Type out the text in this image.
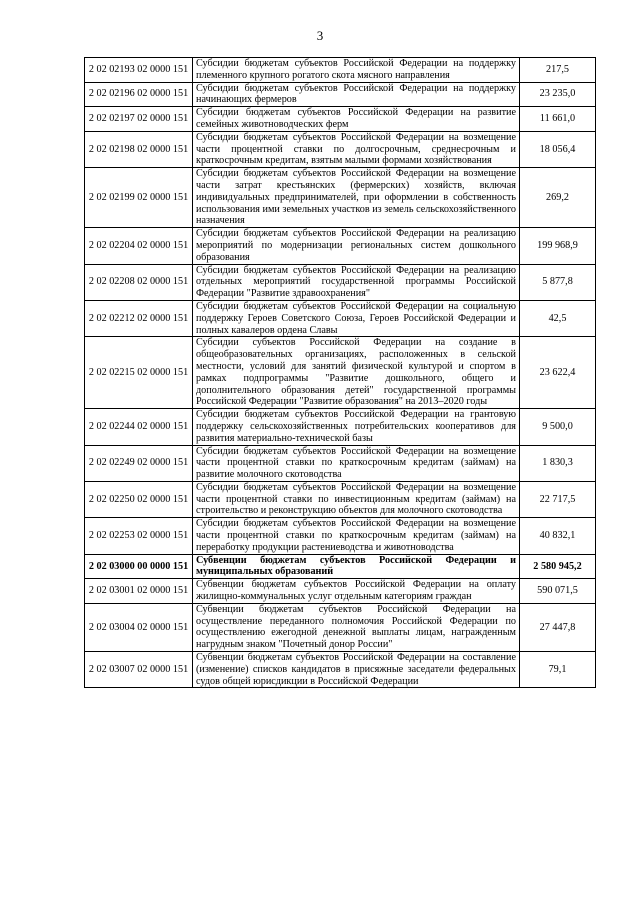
3
2 02 02193 02 0000 151	Субсидии бюджетам субъектов Российской Федерации на поддержку племенного крупного рогатого скота мясного направления	217,5
2 02 02196 02 0000 151	Субсидии бюджетам субъектов Российской Федерации на поддержку начинающих фермеров	23 235,0
2 02 02197 02 0000 151	Субсидии бюджетам субъектов Российской Федерации на развитие семейных животноводческих ферм	11 661,0
2 02 02198 02 0000 151	Субсидии бюджетам субъектов Российской Федерации на возмещение части процентной ставки по долгосрочным, среднесрочным и краткосрочным кредитам, взятым малыми формами хозяйствования	18 056,4
2 02 02199 02 0000 151	Субсидии бюджетам субъектов Российской Федерации на возмещение части затрат крестьянских (фермерских) хозяйств, включая индивидуальных предпринимателей, при оформлении в собственность использования ими земельных участков из земель сельскохозяйственного назначения	269,2
2 02 02204 02 0000 151	Субсидии бюджетам субъектов Российской Федерации на реализацию мероприятий по модернизации региональных систем дошкольного образования	199 968,9
2 02 02208 02 0000 151	Субсидии бюджетам субъектов Российской Федерации на реализацию отдельных мероприятий государственной программы Российской Федерации "Развитие здравоохранения"	5 877,8
2 02 02212 02 0000 151	Субсидии бюджетам субъектов Российской Федерации на социальную поддержку Героев Советского Союза, Героев Российской Федерации и полных кавалеров ордена Славы	42,5
2 02 02215 02 0000 151	Субсидии субъектов Российской Федерации на создание в общеобразовательных организациях, расположенных в сельской местности, условий для занятий физической культурой и спортом в рамках подпрограммы "Развитие дошкольного, общего и дополнительного образования детей" государственной программы Российской Федерации "Развитие образования" на 2013–2020 годы	23 622,4
2 02 02244 02 0000 151	Субсидии бюджетам субъектов Российской Федерации на грантовую поддержку сельскохозяйственных потребительских кооперативов для развития материально-технической базы	9 500,0
2 02 02249 02 0000 151	Субсидии бюджетам субъектов Российской Федерации на возмещение части процентной ставки по краткосрочным кредитам (займам) на развитие молочного скотоводства	1 830,3
2 02 02250 02 0000 151	Субсидии бюджетам субъектов Российской Федерации на возмещение части процентной ставки по инвестиционным кредитам (займам) на строительство и реконструкцию объектов для молочного скотоводства	22 717,5
2 02 02253 02 0000 151	Субсидии бюджетам субъектов Российской Федерации на возмещение части процентной ставки по краткосрочным кредитам (займам) на переработку продукции растениеводства и животноводства	40 832,1
2 02 03000 00 0000 151	Субвенции бюджетам субъектов Российской Федерации и муниципальных образований	2 580 945,2
2 02 03001 02 0000 151	Субвенции бюджетам субъектов Российской Федерации на оплату жилищно-коммунальных услуг отдельным категориям граждан	590 071,5
2 02 03004 02 0000 151	Субвенции бюджетам субъектов Российской Федерации на осуществление переданного полномочия Российской Федерации по осуществлению ежегодной денежной выплаты лицам, награжденным нагрудным знаком "Почетный донор России"	27 447,8
2 02 03007 02 0000 151	Субвенции бюджетам субъектов Российской Федерации на составление (изменение) списков кандидатов в присяжные заседатели федеральных судов общей юрисдикции в Российской Федерации	79,1
